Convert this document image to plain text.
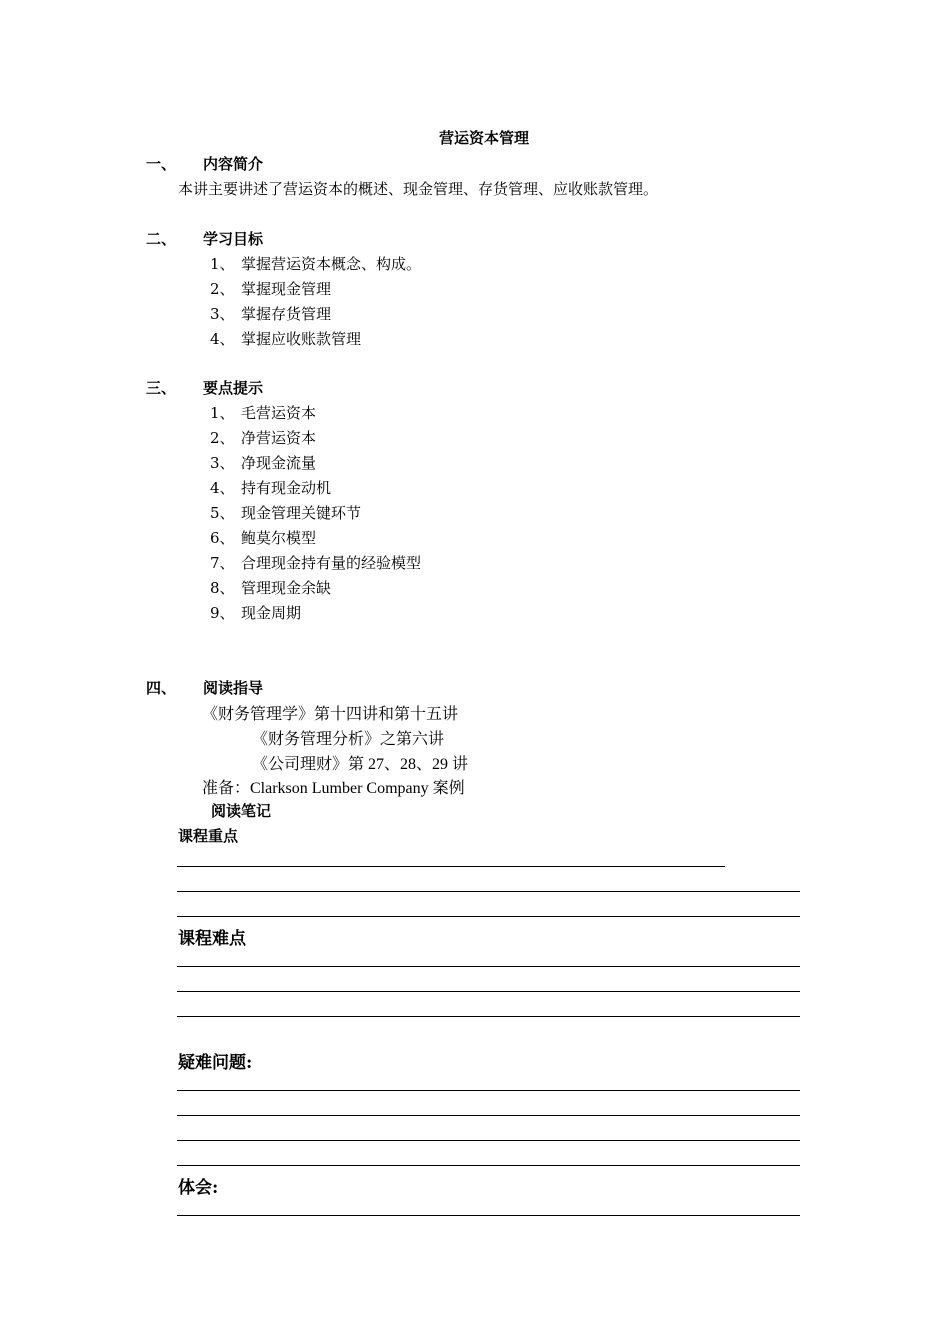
营运资本管理
一、 内容简介
本讲主要讲述了营运资本的概述、现金管理、存货管理、应收账款管理。
二、 学习目标
1、 掌握营运资本概念、构成。
2、 掌握现金管理
3、 掌握存货管理
4、 掌握应收账款管理
三、 要点提示
1、 毛营运资本
2、 净营运资本
3、 净现金流量
4、 持有现金动机
5、 现金管理关键环节
6、 鲍莫尔模型
7、 合理现金持有量的经验模型
8、 管理现金余缺
9、 现金周期
四、 阅读指导
《财务管理学》第十四讲和第十五讲
《财务管理分析》之第六讲
《公司理财》第 27、28、29 讲
准备：Clarkson Lumber Company 案例
阅读笔记
课程重点
课程难点
疑难问题:
体会:
